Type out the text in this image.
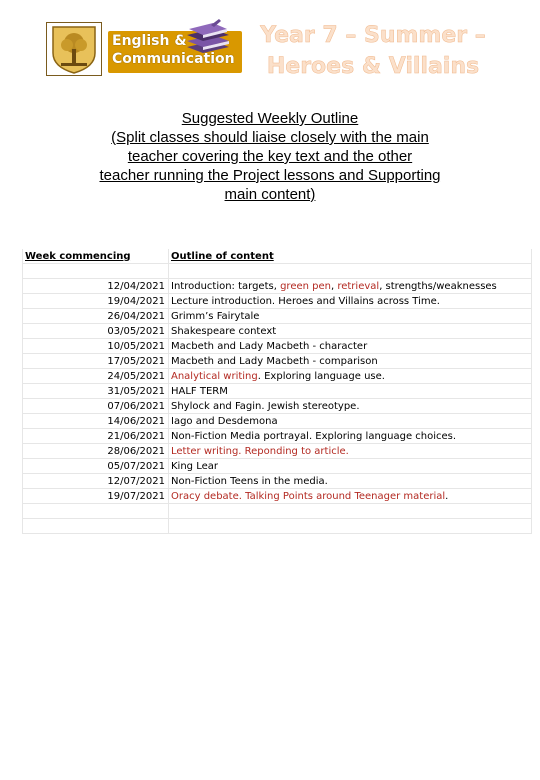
English &
Communication
Year 7 – Summer –
Heroes & Villains
Suggested Weekly Outline
(Split classes should liaise closely with the main
teacher covering the key text and the other
teacher running the Project lessons and Supporting
main content)
Week commencing	Outline of content

12/04/2021	Introduction: targets, green pen, retrieval, strengths/weaknesses
19/04/2021	Lecture introduction. Heroes and Villains across Time.
26/04/2021	Grimm’s Fairytale
03/05/2021	Shakespeare context
10/05/2021	Macbeth and Lady Macbeth - character
17/05/2021	Macbeth and Lady Macbeth - comparison
24/05/2021	Analytical writing. Exploring language use.
31/05/2021	HALF TERM
07/06/2021	Shylock and Fagin. Jewish stereotype.
14/06/2021	Iago and Desdemona
21/06/2021	Non-Fiction Media portrayal. Exploring language choices.
28/06/2021	Letter writing. Reponding to article.
05/07/2021	King Lear
12/07/2021	Non-Fiction Teens in the media.
19/07/2021	Oracy debate. Talking Points around Teenager material.
